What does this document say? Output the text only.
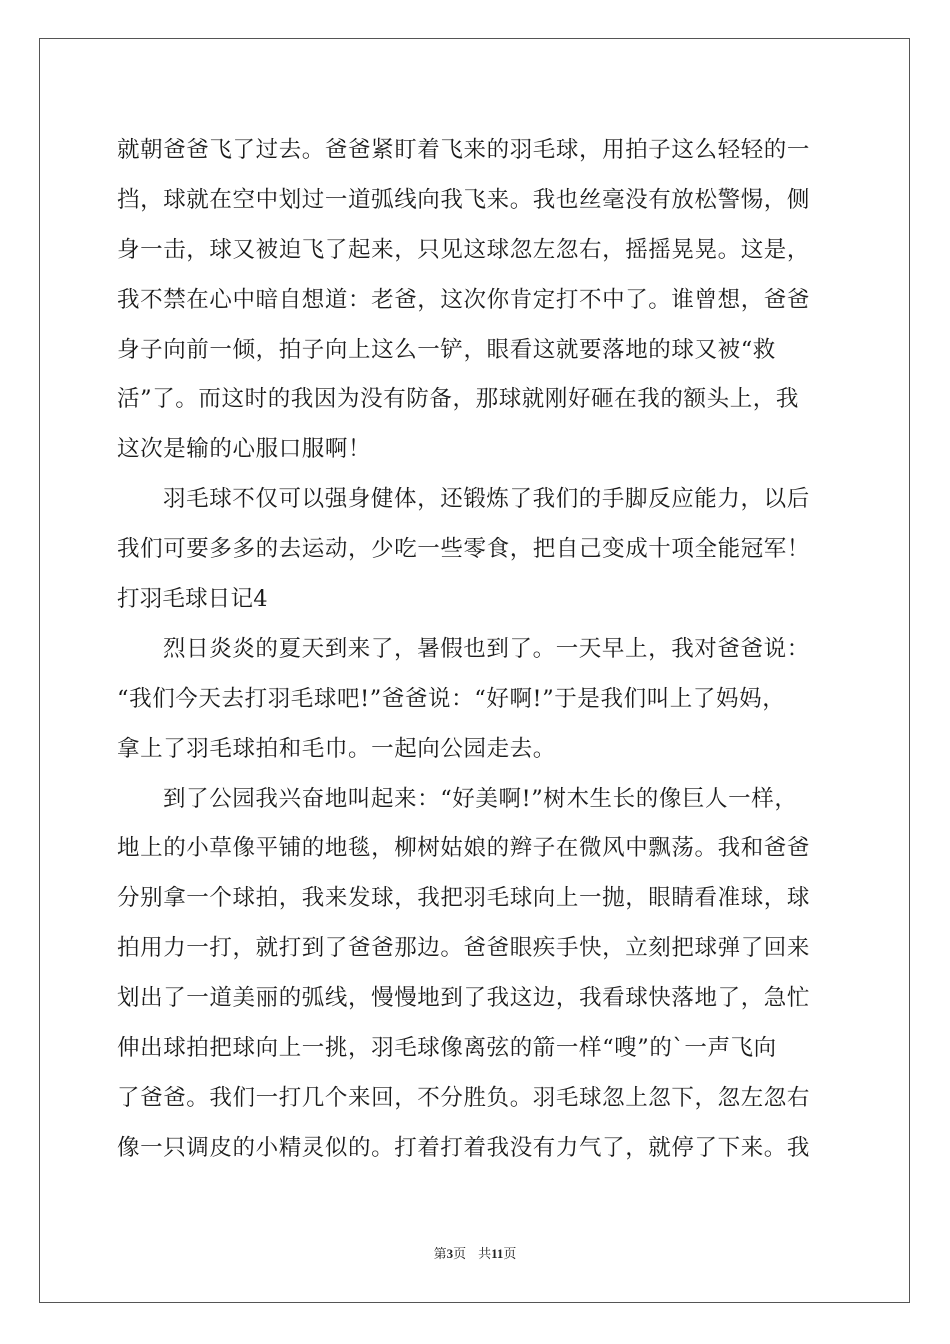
就朝爸爸飞了过去。爸爸紧盯着飞来的羽毛球，用拍子这么轻轻的一
挡，球就在空中划过一道弧线向我飞来。我也丝毫没有放松警惕，侧
身一击，球又被迫飞了起来，只见这球忽左忽右，摇摇晃晃。这是，
我不禁在心中暗自想道：老爸，这次你肯定打不中了。谁曾想，爸爸
身子向前一倾，拍子向上这么一铲，眼看这就要落地的球又被“救
活”了。而这时的我因为没有防备，那球就刚好砸在我的额头上，我
这次是输的心服口服啊！
羽毛球不仅可以强身健体，还锻炼了我们的手脚反应能力，以后
我们可要多多的去运动，少吃一些零食，把自己变成十项全能冠军！
打羽毛球日记4
烈日炎炎的夏天到来了，暑假也到了。一天早上，我对爸爸说：
“我们今天去打羽毛球吧!”爸爸说：“好啊!”于是我们叫上了妈妈，
拿上了羽毛球拍和毛巾。一起向公园走去。
到了公园我兴奋地叫起来：“好美啊!”树木生长的像巨人一样，
地上的小草像平铺的地毯，柳树姑娘的辫子在微风中飘荡。我和爸爸
分别拿一个球拍，我来发球，我把羽毛球向上一抛，眼睛看准球，球
拍用力一打，就打到了爸爸那边。爸爸眼疾手快，立刻把球弹了回来
划出了一道美丽的弧线，慢慢地到了我这边，我看球快落地了，急忙
伸出球拍把球向上一挑，羽毛球像离弦的箭一样“嗖”的`一声飞向
了爸爸。我们一打几个来回，不分胜负。羽毛球忽上忽下，忽左忽右
像一只调皮的小精灵似的。打着打着我没有力气了，就停了下来。我
第3页 共11页
